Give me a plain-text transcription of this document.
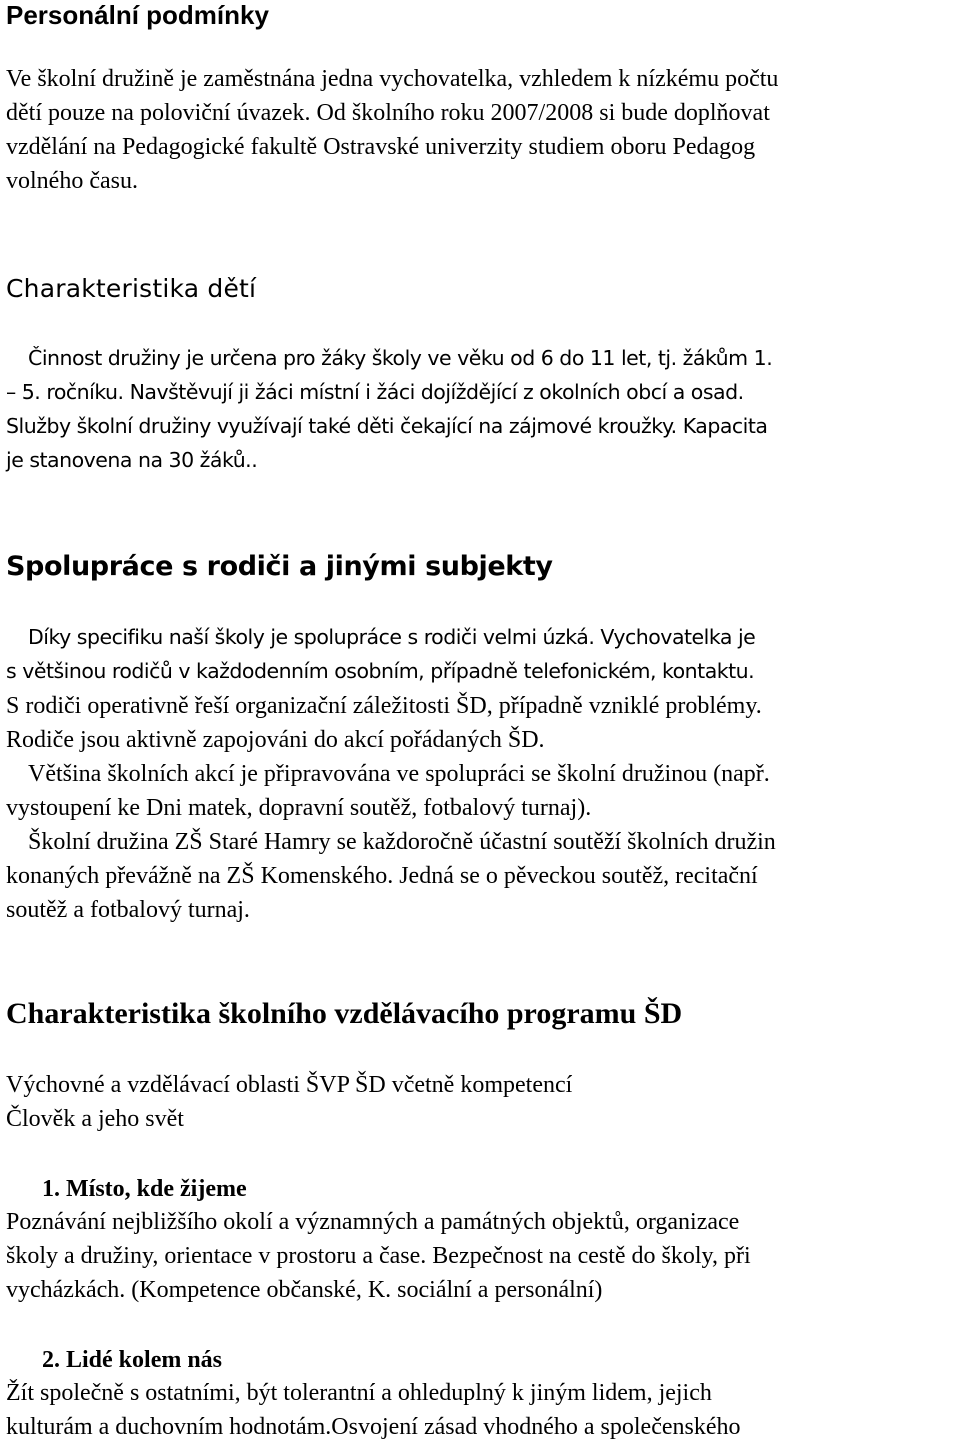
Personální podmínky

Ve školní družině je zaměstnána jedna vychovatelka, vzhledem k nízkému počtu
dětí pouze na poloviční úvazek. Od školního roku 2007/2008 si bude doplňovat
vzdělání na Pedagogické fakultě Ostravské univerzity studiem oboru Pedagog
volného času.

Charakteristika dětí

Činnost družiny je určena pro žáky školy ve věku od 6 do 11 let, tj. žákům 1.
– 5. ročníku. Navštěvují ji žáci místní i žáci dojíždějící z okolních obcí a osad.
Služby školní družiny využívají také děti čekající na zájmové kroužky. Kapacita
je stanovena na 30 žáků..

Spolupráce s rodiči a jinými subjekty

Díky specifiku naší školy je spolupráce s rodiči velmi úzká. Vychovatelka je
s většinou rodičů v každodenním osobním, případně telefonickém, kontaktu.

S rodiči operativně řeší organizační záležitosti ŠD, případně vzniklé problémy.
Rodiče jsou aktivně zapojováni do akcí pořádaných ŠD.
Většina školních akcí je připravována ve spolupráci se školní družinou (např.
vystoupení ke Dni matek, dopravní soutěž, fotbalový turnaj).
Školní družina ZŠ Staré Hamry se každoročně účastní soutěží školních družin
konaných převážně na ZŠ Komenského. Jedná se o pěveckou soutěž, recitační
soutěž a fotbalový turnaj.

Charakteristika školního vzdělávacího programu ŠD

Výchovné a vzdělávací oblasti ŠVP ŠD včetně kompetencí
Člověk a jeho svět

1. Místo, kde žijeme

Poznávání nejbližšího okolí a významných a památných objektů, organizace
školy a družiny, orientace v prostoru a čase. Bezpečnost na cestě do školy, při
vycházkách. (Kompetence občanské, K. sociální a personální)

2. Lidé kolem nás

Žít společně s ostatními, být tolerantní a ohleduplný k jiným lidem, jejich
kulturám a duchovním hodnotám.Osvojení zásad vhodného a společenského
